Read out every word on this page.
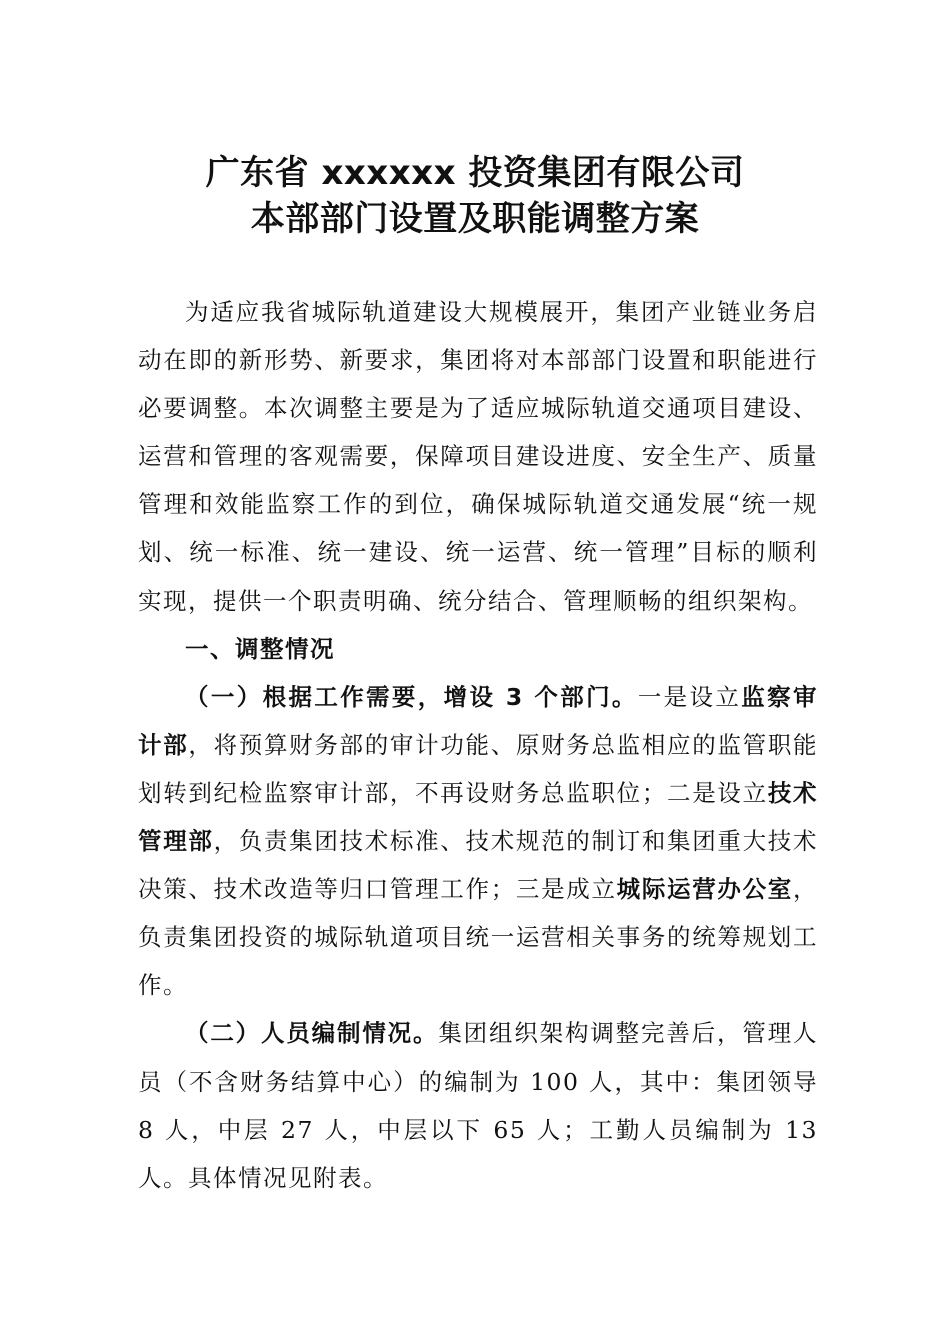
广东省 xxxxxx 投资集团有限公司
本部部门设置及职能调整方案

为适应我省城际轨道建设大规模展开，集团产业链业务启动在即的新形势、新要求，集团将对本部部门设置和职能进行必要调整。本次调整主要是为了适应城际轨道交通项目建设、运营和管理的客观需要，保障项目建设进度、安全生产、质量管理和效能监察工作的到位，确保城际轨道交通发展“统一规划、统一标准、统一建设、统一运营、统一管理”目标的顺利实现，提供一个职责明确、统分结合、管理顺畅的组织架构。

一、调整情况

（一）根据工作需要，增设 3 个部门。一是设立监察审计部，将预算财务部的审计功能、原财务总监相应的监管职能划转到纪检监察审计部，不再设财务总监职位；二是设立技术管理部，负责集团技术标准、技术规范的制订和集团重大技术决策、技术改造等归口管理工作；三是成立城际运营办公室，负责集团投资的城际轨道项目统一运营相关事务的统筹规划工作。

（二）人员编制情况。集团组织架构调整完善后，管理人员（不含财务结算中心）的编制为 100 人，其中：集团领导 8 人，中层 27 人，中层以下 65 人；工勤人员编制为 13 人。具体情况见附表。
